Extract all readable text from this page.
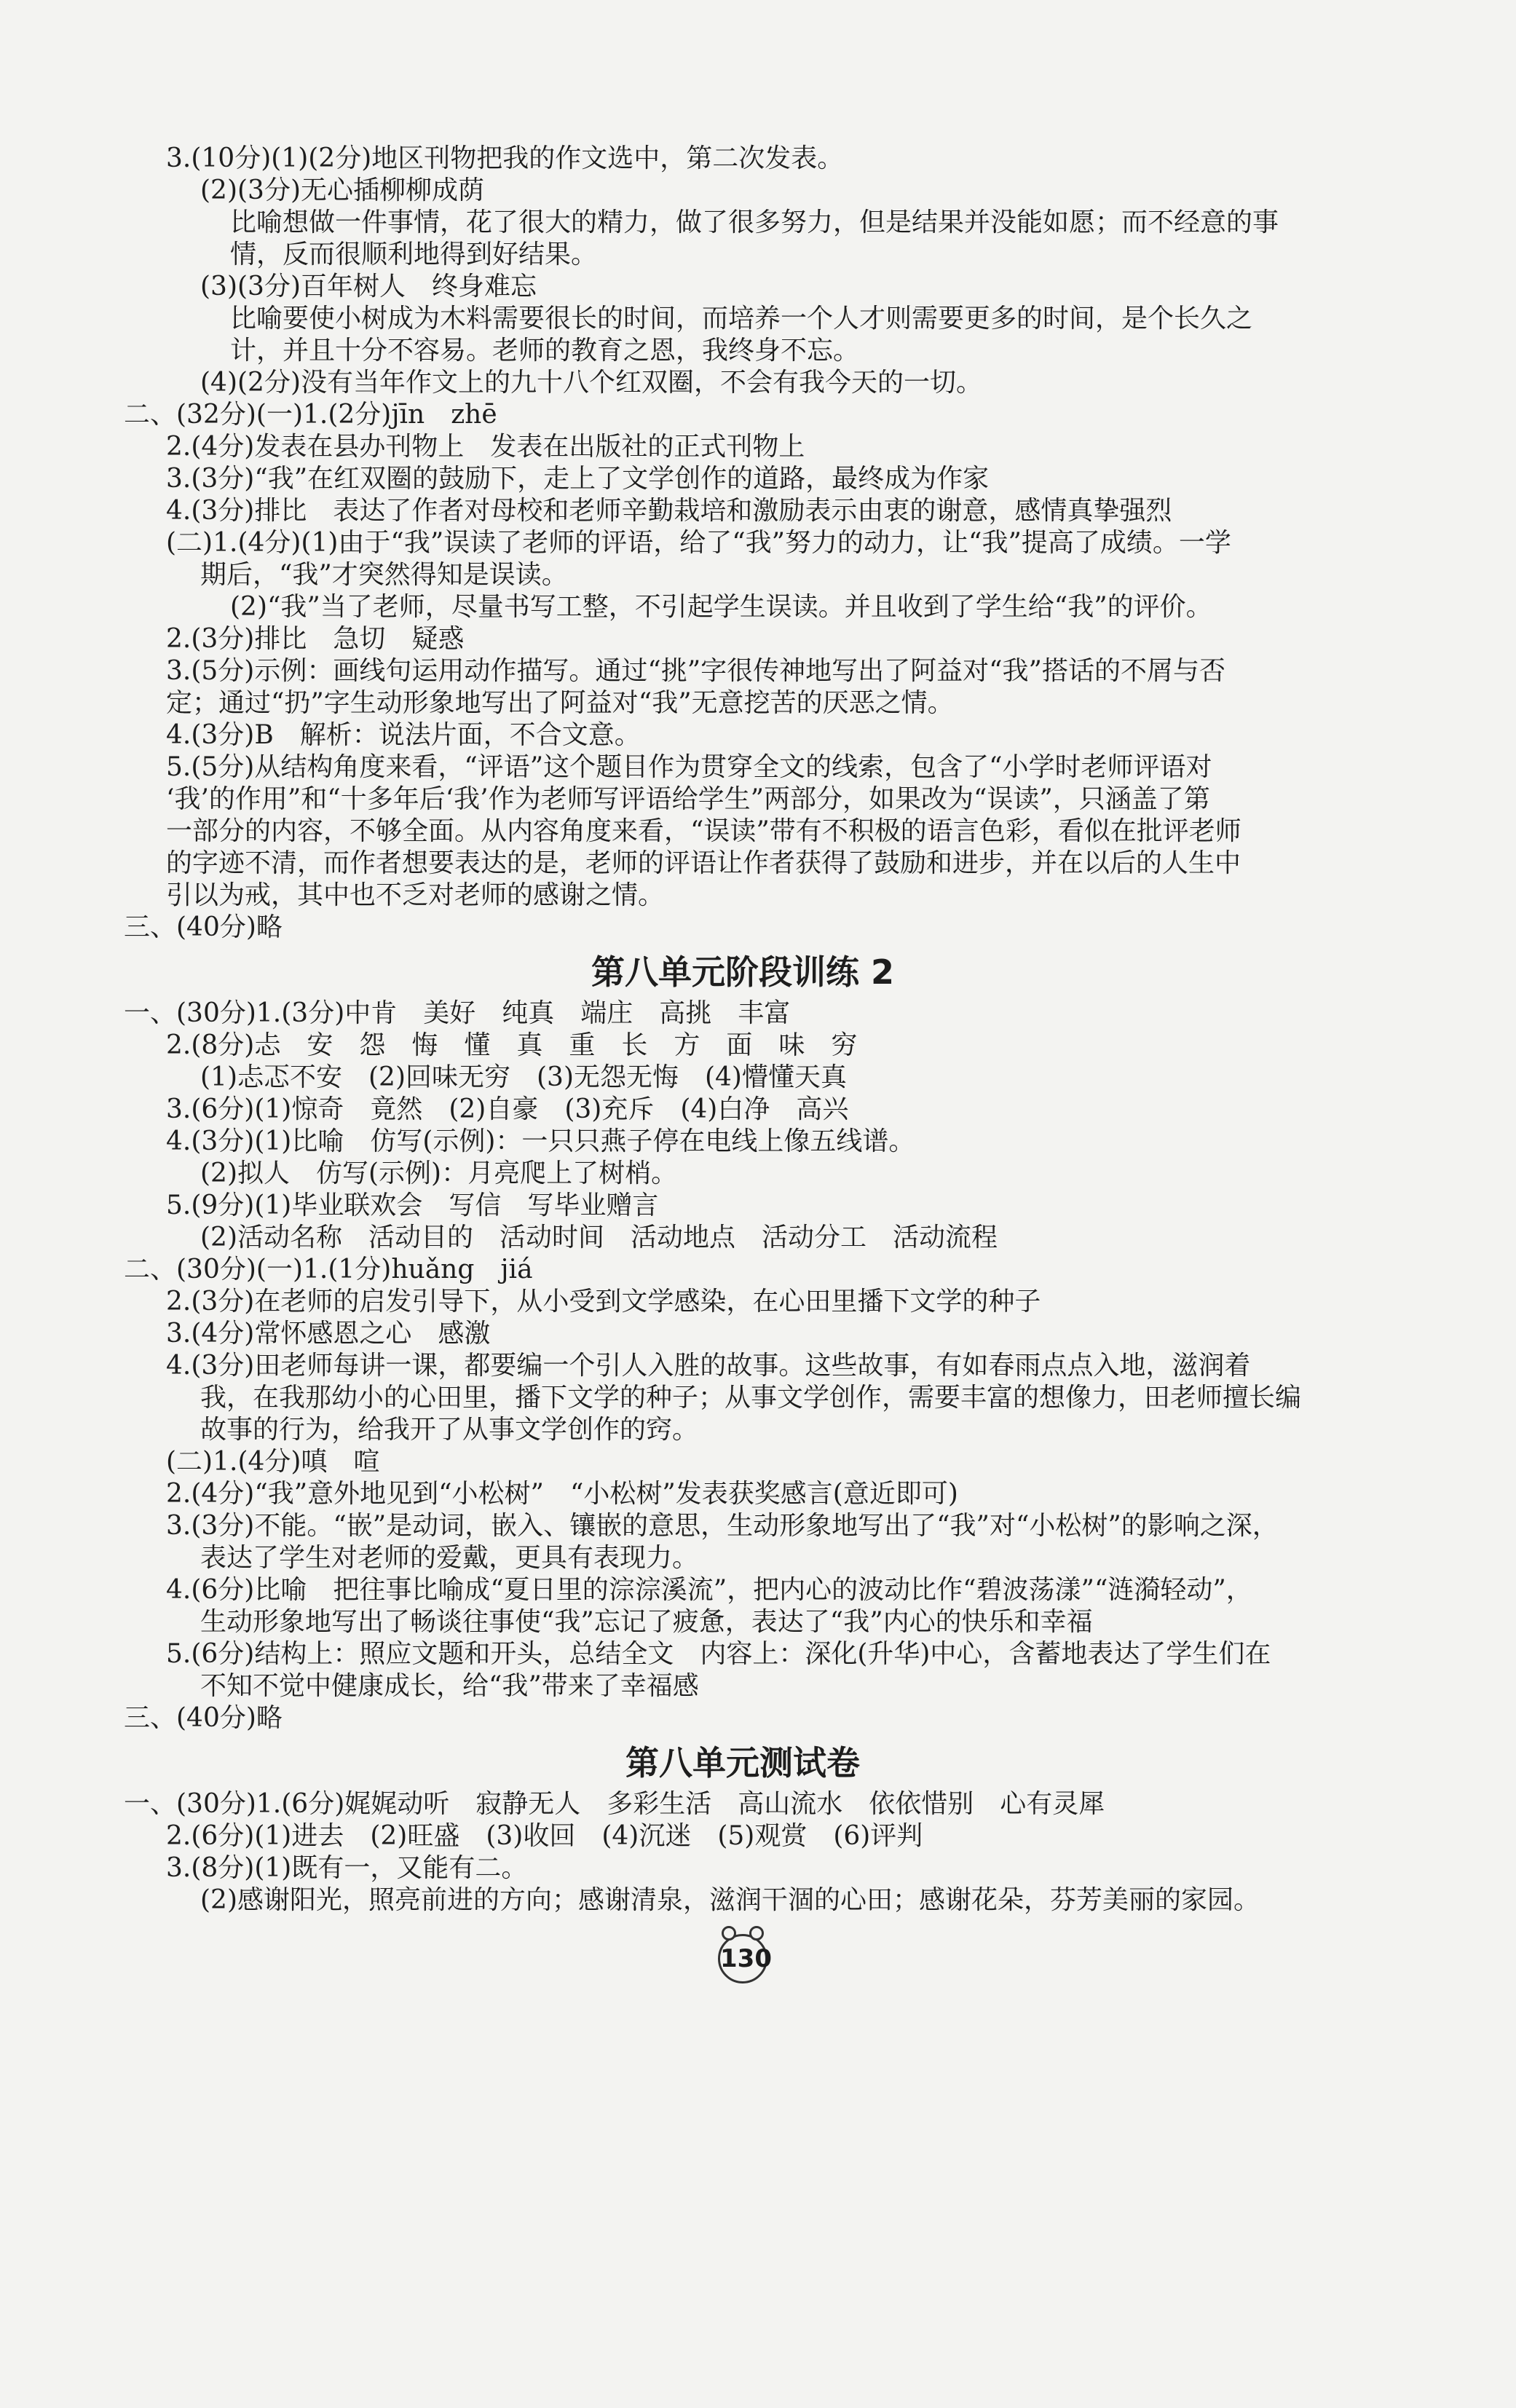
3.(10分)(1)(2分)地区刊物把我的作文选中，第二次发表。
(2)(3分)无心插柳柳成荫
比喻想做一件事情，花了很大的精力，做了很多努力，但是结果并没能如愿；而不经意的事
情，反而很顺利地得到好结果。
(3)(3分)百年树人　终身难忘
比喻要使小树成为木料需要很长的时间，而培养一个人才则需要更多的时间，是个长久之
计，并且十分不容易。老师的教育之恩，我终身不忘。
(4)(2分)没有当年作文上的九十八个红双圈，不会有我今天的一切。
二、(32分)(一)1.(2分)jīn　zhē
2.(4分)发表在县办刊物上　发表在出版社的正式刊物上
3.(3分)“我”在红双圈的鼓励下，走上了文学创作的道路，最终成为作家
4.(3分)排比　表达了作者对母校和老师辛勤栽培和激励表示由衷的谢意，感情真挚强烈
(二)1.(4分)(1)由于“我”误读了老师的评语，给了“我”努力的动力，让“我”提高了成绩。一学
期后，“我”才突然得知是误读。
(2)“我”当了老师，尽量书写工整，不引起学生误读。并且收到了学生给“我”的评价。
2.(3分)排比　急切　疑惑
3.(5分)示例：画线句运用动作描写。通过“挑”字很传神地写出了阿益对“我”搭话的不屑与否
定；通过“扔”字生动形象地写出了阿益对“我”无意挖苦的厌恶之情。
4.(3分)B　解析：说法片面，不合文意。
5.(5分)从结构角度来看，“评语”这个题目作为贯穿全文的线索，包含了“小学时老师评语对
‘我’的作用”和“十多年后‘我’作为老师写评语给学生”两部分，如果改为“误读”，只涵盖了第
一部分的内容，不够全面。从内容角度来看，“误读”带有不积极的语言色彩，看似在批评老师
的字迹不清，而作者想要表达的是，老师的评语让作者获得了鼓励和进步，并在以后的人生中
引以为戒，其中也不乏对老师的感谢之情。
三、(40分)略
第八单元阶段训练 2
一、(30分)1.(3分)中肯　美好　纯真　端庄　高挑　丰富
2.(8分)忐　安　怨　悔　懂　真　重　长　方　面　味　穷
(1)忐忑不安　(2)回味无穷　(3)无怨无悔　(4)懵懂天真
3.(6分)(1)惊奇　竟然　(2)自豪　(3)充斥　(4)白净　高兴
4.(3分)(1)比喻　仿写(示例)：一只只燕子停在电线上像五线谱。
(2)拟人　仿写(示例)：月亮爬上了树梢。
5.(9分)(1)毕业联欢会　写信　写毕业赠言
(2)活动名称　活动目的　活动时间　活动地点　活动分工　活动流程
二、(30分)(一)1.(1分)huǎng　jiá
2.(3分)在老师的启发引导下，从小受到文学感染，在心田里播下文学的种子
3.(4分)常怀感恩之心　感激
4.(3分)田老师每讲一课，都要编一个引人入胜的故事。这些故事，有如春雨点点入地，滋润着
我，在我那幼小的心田里，播下文学的种子；从事文学创作，需要丰富的想像力，田老师擅长编
故事的行为，给我开了从事文学创作的窍。
(二)1.(4分)嗔　喧
2.(4分)“我”意外地见到“小松树”　“小松树”发表获奖感言(意近即可)
3.(3分)不能。“嵌”是动词，嵌入、镶嵌的意思，生动形象地写出了“我”对“小松树”的影响之深，
表达了学生对老师的爱戴，更具有表现力。
4.(6分)比喻　把往事比喻成“夏日里的淙淙溪流”，把内心的波动比作“碧波荡漾”“涟漪轻动”，
生动形象地写出了畅谈往事使“我”忘记了疲惫，表达了“我”内心的快乐和幸福
5.(6分)结构上：照应文题和开头，总结全文　内容上：深化(升华)中心，含蓄地表达了学生们在
不知不觉中健康成长，给“我”带来了幸福感
三、(40分)略
第八单元测试卷
一、(30分)1.(6分)娓娓动听　寂静无人　多彩生活　高山流水　依依惜别　心有灵犀
2.(6分)(1)进去　(2)旺盛　(3)收回　(4)沉迷　(5)观赏　(6)评判
3.(8分)(1)既有一，又能有二。
(2)感谢阳光，照亮前进的方向；感谢清泉，滋润干涸的心田；感谢花朵，芬芳美丽的家园。
130
